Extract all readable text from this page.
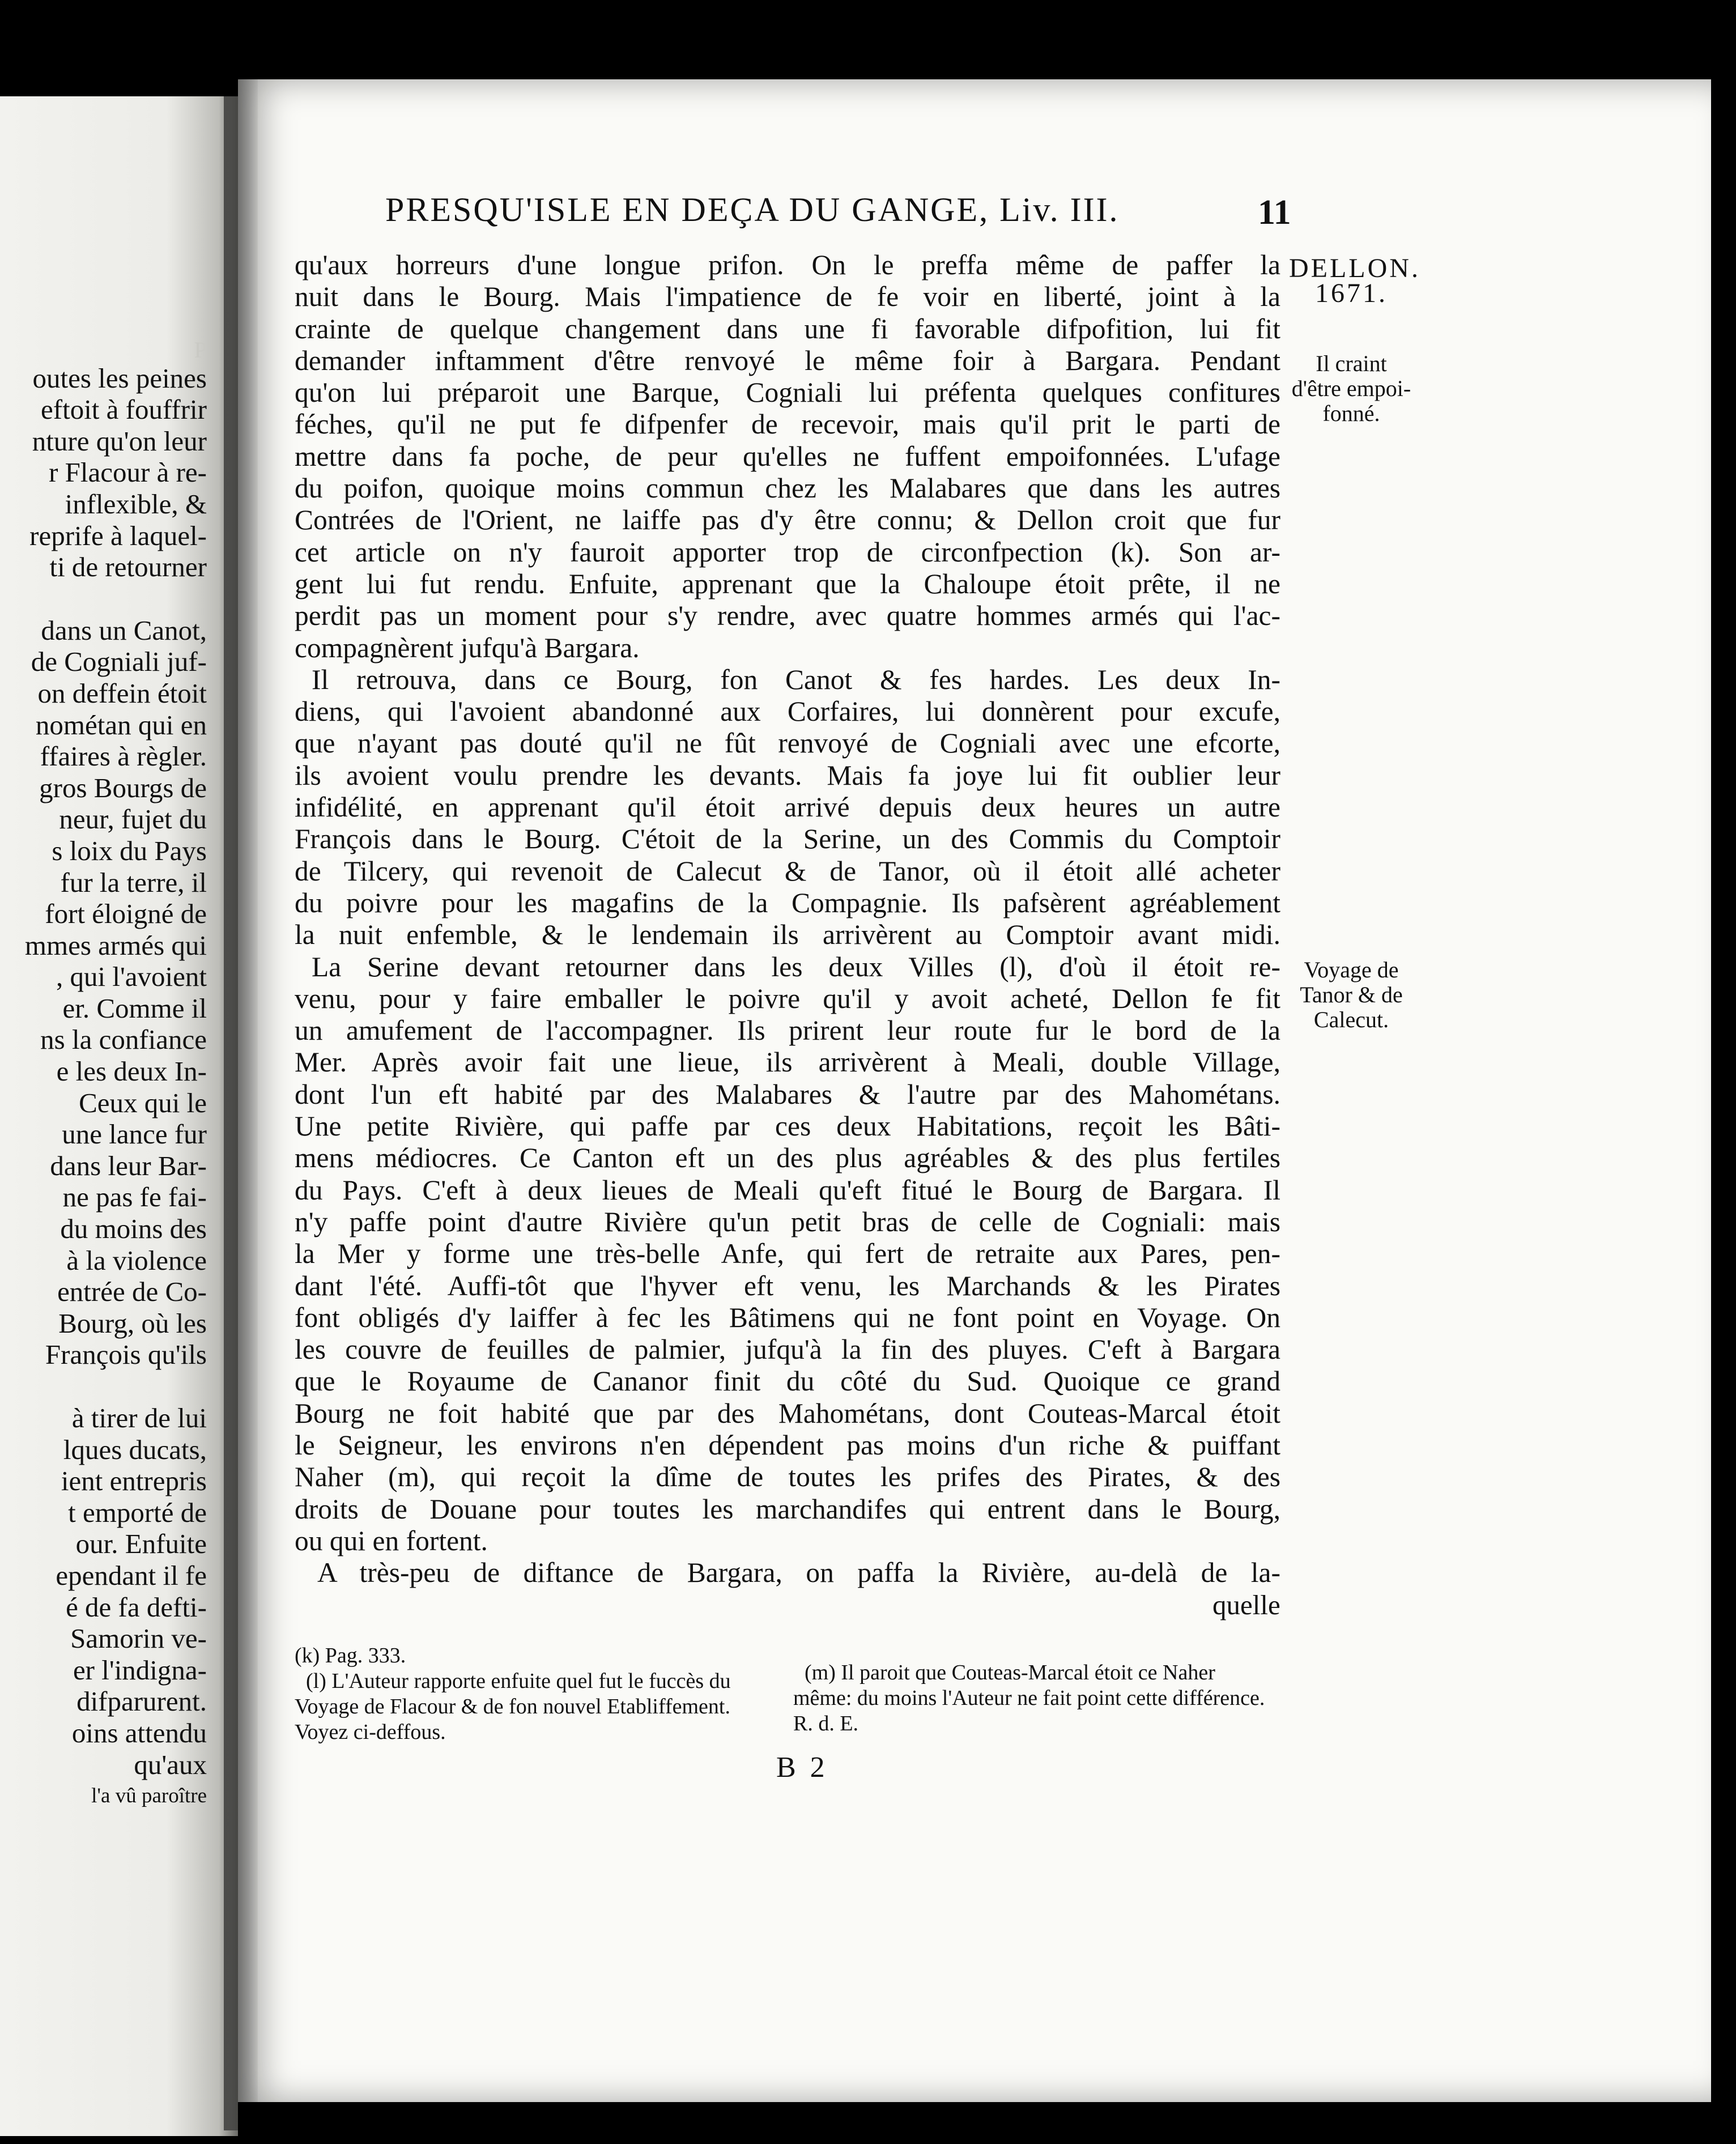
P
outes les peines
eftoit à fouffrir
nture qu'on leur
r Flacour à re-
inflexible, &
reprife à laquel-
ti de retourner
dans un Canot,
de Cogniali juf-
on deffein étoit
nométan qui en
ffaires à règler.
gros Bourgs de
neur, fujet du
s loix du Pays
fur la terre, il
fort éloigné de
mmes armés qui
, qui l'avoient
er. Comme il
ns la confiance
e les deux In-
Ceux qui le
une lance fur
dans leur Bar-
ne pas fe fai-
du moins des
à la violence
entrée de Co-
Bourg, où les
François qu'ils
à tirer de lui
lques ducats,
ient entrepris
t emporté de
our. Enfuite
ependant il fe
é de fa defti-
Samorin ve-
er l'indigna-
difparurent.
oins attendu
qu'aux
l'a vû paroître
PRESQU'ISLE EN DEÇA DU GANGE, Liv. III.	11
DELLON.
1671.
Il craint
d'être empoi-
fonné.
Voyage de
Tanor & de
Calecut.
qu'aux horreurs d'une longue prifon. On le preffa même de paffer la
nuit dans le Bourg. Mais l'impatience de fe voir en liberté, joint à la
crainte de quelque changement dans une fi favorable difpofition, lui fit
demander inftamment d'être renvoyé le même foir à Bargara. Pendant
qu'on lui préparoit une Barque, Cogniali lui préfenta quelques confitures
féches, qu'il ne put fe difpenfer de recevoir, mais qu'il prit le parti de
mettre dans fa poche, de peur qu'elles ne fuffent empoifonnées. L'ufage
du poifon, quoique moins commun chez les Malabares que dans les autres
Contrées de l'Orient, ne laiffe pas d'y être connu; & Dellon croit que fur
cet article on n'y fauroit apporter trop de circonfpection (k). Son ar-
gent lui fut rendu. Enfuite, apprenant que la Chaloupe étoit prête, il ne
perdit pas un moment pour s'y rendre, avec quatre hommes armés qui l'ac-
compagnèrent jufqu'à Bargara.
Il retrouva, dans ce Bourg, fon Canot & fes hardes. Les deux In-
diens, qui l'avoient abandonné aux Corfaires, lui donnèrent pour excufe,
que n'ayant pas douté qu'il ne fût renvoyé de Cogniali avec une efcorte,
ils avoient voulu prendre les devants. Mais fa joye lui fit oublier leur
infidélité, en apprenant qu'il étoit arrivé depuis deux heures un autre
François dans le Bourg. C'étoit de la Serine, un des Commis du Comptoir
de Tilcery, qui revenoit de Calecut & de Tanor, où il étoit allé acheter
du poivre pour les magafins de la Compagnie. Ils pafsèrent agréablement
la nuit enfemble, & le lendemain ils arrivèrent au Comptoir avant midi.
La Serine devant retourner dans les deux Villes (l), d'où il étoit re-
venu, pour y faire emballer le poivre qu'il y avoit acheté, Dellon fe fit
un amufement de l'accompagner. Ils prirent leur route fur le bord de la
Mer. Après avoir fait une lieue, ils arrivèrent à Meali, double Village,
dont l'un eft habité par des Malabares & l'autre par des Mahométans.
Une petite Rivière, qui paffe par ces deux Habitations, reçoit les Bâti-
mens médiocres. Ce Canton eft un des plus agréables & des plus fertiles
du Pays. C'eft à deux lieues de Meali qu'eft fitué le Bourg de Bargara. Il
n'y paffe point d'autre Rivière qu'un petit bras de celle de Cogniali: mais
la Mer y forme une très-belle Anfe, qui fert de retraite aux Pares, pen-
dant l'été. Auffi-tôt que l'hyver eft venu, les Marchands & les Pirates
font obligés d'y laiffer à fec les Bâtimens qui ne font point en Voyage. On
les couvre de feuilles de palmier, jufqu'à la fin des pluyes. C'eft à Bargara
que le Royaume de Cananor finit du côté du Sud. Quoique ce grand
Bourg ne foit habité que par des Mahométans, dont Couteas-Marcal étoit
le Seigneur, les environs n'en dépendent pas moins d'un riche & puiffant
Naher (m), qui reçoit la dîme de toutes les prifes des Pirates, & des
droits de Douane pour toutes les marchandifes qui entrent dans le Bourg,
ou qui en fortent.
A très-peu de diftance de Bargara, on paffa la Rivière, au-delà de la-
quelle
(k) Pag. 333.
(l) L'Auteur rapporte enfuite quel fut le fuccès du Voyage de Flacour & de fon nouvel Etabliffement. Voyez ci-deffous.
(m) Il paroit que Couteas-Marcal étoit ce Naher même: du moins l'Auteur ne fait point cette différence. R. d. E.
B 2
